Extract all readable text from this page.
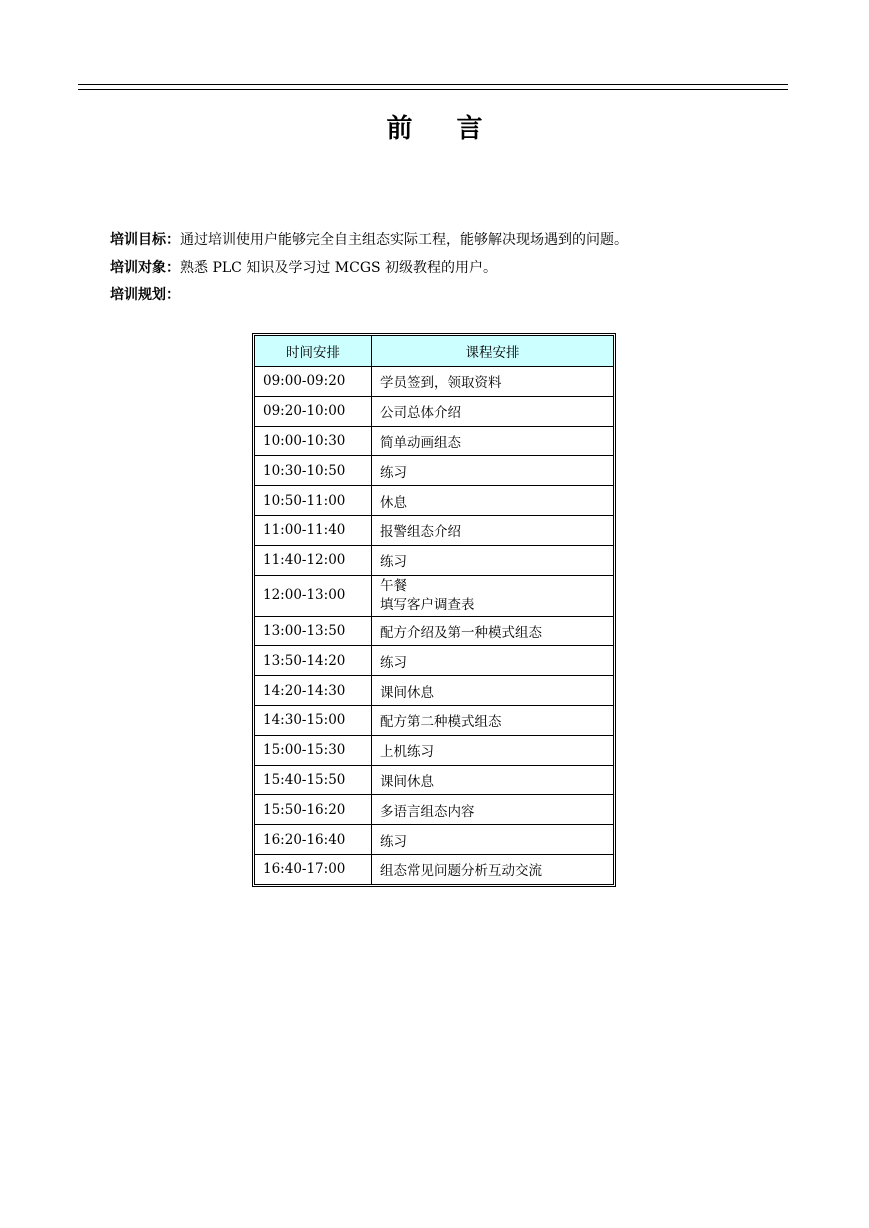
前 言
培训目标：通过培训使用户能够完全自主组态实际工程，能够解决现场遇到的问题。
培训对象：熟悉 PLC 知识及学习过 MCGS 初级教程的用户。
培训规划：
时间安排	课程安排
09:00-09:20	学员签到，领取资料
09:20-10:00	公司总体介绍
10:00-10:30	简单动画组态
10:30-10:50	练习
10:50-11:00	休息
11:00-11:40	报警组态介绍
11:40-12:00	练习
12:00-13:00	午餐
填写客户调查表

13:00-13:50	配方介绍及第一种模式组态
13:50-14:20	练习
14:20-14:30	课间休息
14:30-15:00	配方第二种模式组态
15:00-15:30	上机练习
15:40-15:50	课间休息
15:50-16:20	多语言组态内容
16:20-16:40	练习
16:40-17:00	组态常见问题分析互动交流
